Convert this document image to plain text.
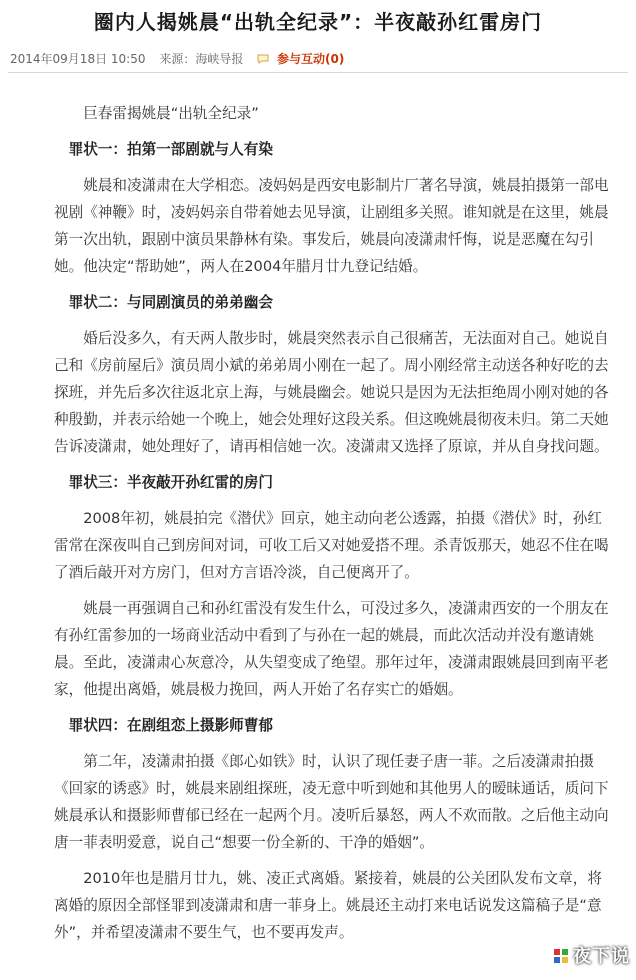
圈内人揭姚晨“出轨全纪录”：半夜敲孙红雷房门
2014年09月18日 10:50 来源：海峡导报	参与互动(0)

巨春雷揭姚晨“出轨全纪录”

罪状一：拍第一部剧就与人有染

姚晨和凌潇肃在大学相恋。凌妈妈是西安电影制片厂著名导演，姚晨拍摄第一部电视剧《神鞭》时，凌妈妈亲自带着她去见导演，让剧组多关照。谁知就是在这里，姚晨第一次出轨，跟剧中演员果静林有染。事发后，姚晨向凌潇肃忏悔，说是恶魔在勾引她。他决定“帮助她”，两人在2004年腊月廿九登记结婚。

罪状二：与同剧演员的弟弟幽会

婚后没多久，有天两人散步时，姚晨突然表示自己很痛苦，无法面对自己。她说自己和《房前屋后》演员周小斌的弟弟周小刚在一起了。周小刚经常主动送各种好吃的去探班，并先后多次往返北京上海，与姚晨幽会。她说只是因为无法拒绝周小刚对她的各种殷勤，并表示给她一个晚上，她会处理好这段关系。但这晚姚晨彻夜未归。第二天她告诉凌潇肃，她处理好了，请再相信她一次。凌潇肃又选择了原谅，并从自身找问题。

罪状三：半夜敲开孙红雷的房门

2008年初，姚晨拍完《潜伏》回京，她主动向老公透露，拍摄《潜伏》时，孙红雷常在深夜叫自己到房间对词，可收工后又对她爱搭不理。杀青饭那天，她忍不住在喝了酒后敲开对方房门，但对方言语冷淡，自己便离开了。

姚晨一再强调自己和孙红雷没有发生什么，可没过多久，凌潇肃西安的一个朋友在有孙红雷参加的一场商业活动中看到了与孙在一起的姚晨，而此次活动并没有邀请姚晨。至此，凌潇肃心灰意冷，从失望变成了绝望。那年过年，凌潇肃跟姚晨回到南平老家，他提出离婚，姚晨极力挽回，两人开始了名存实亡的婚姻。

罪状四：在剧组恋上摄影师曹郁

第二年，凌潇肃拍摄《郎心如铁》时，认识了现任妻子唐一菲。之后凌潇肃拍摄《回家的诱惑》时，姚晨来剧组探班，凌无意中听到她和其他男人的暧昧通话，质问下姚晨承认和摄影师曹郁已经在一起两个月。凌听后暴怒，两人不欢而散。之后他主动向唐一菲表明爱意，说自己“想要一份全新的、干净的婚姻”。

2010年也是腊月廿九，姚、凌正式离婚。紧接着，姚晨的公关团队发布文章，将离婚的原因全部怪罪到凌潇肃和唐一菲身上。姚晨还主动打来电话说发这篇稿子是“意外”，并希望凌潇肃不要生气，也不要再发声。

夜下说
